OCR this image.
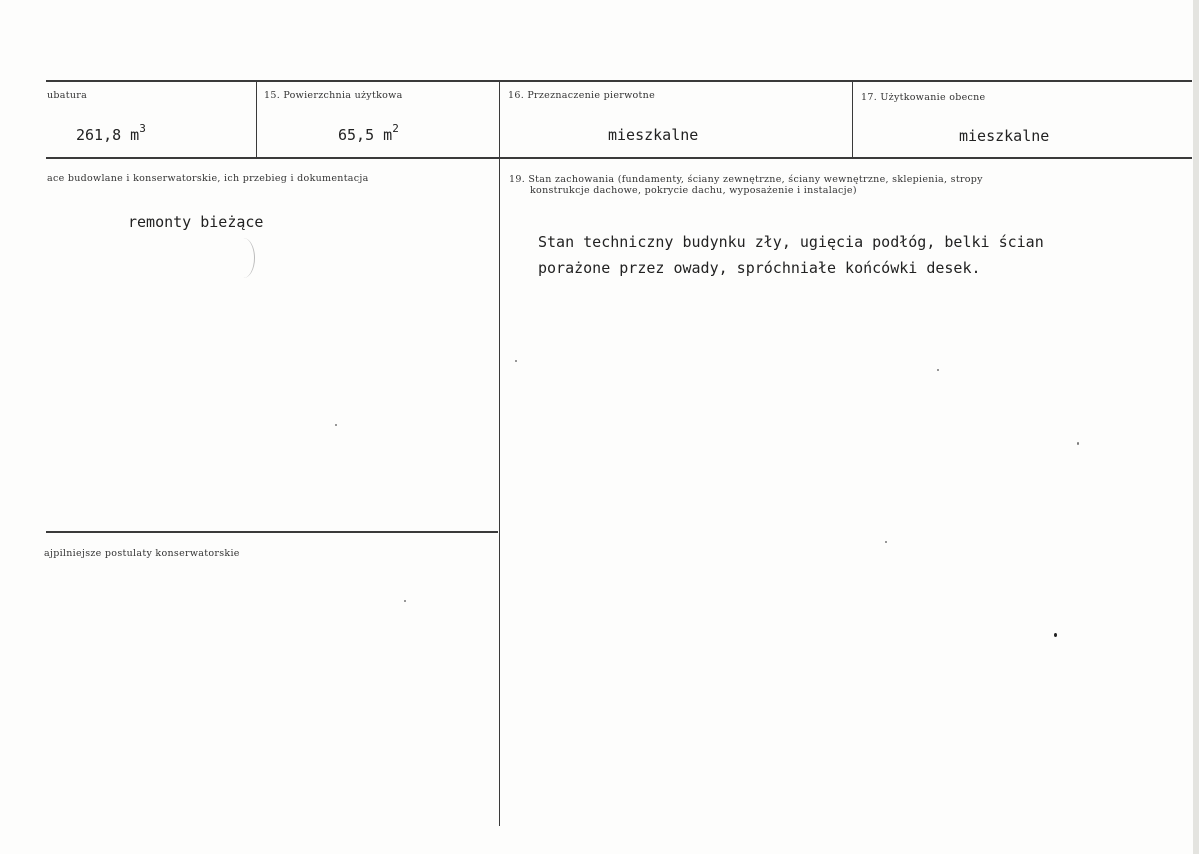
ubatura
261,8 $m^3$
15. Powierzchnia użytkowa
65,5 $m^2$
16. Przeznaczenie pierwotne
mieszkalne
17. Użytkowanie obecne
mieszkalne
ace budowlane i konserwatorskie, ich przebieg i dokumentacja
remonty bieżące
19. Stan zachowania (fundamenty, ściany zewnętrzne, ściany wewnętrzne, sklepienia, stropy
konstrukcje dachowe, pokrycie dachu, wyposażenie i instalacje)
Stan techniczny budynku zły, ugięcia podłóg, belki ścian
porażone przez owady, spróchniałe końcówki desek.
ajpilniejsze postulaty konserwatorskie
